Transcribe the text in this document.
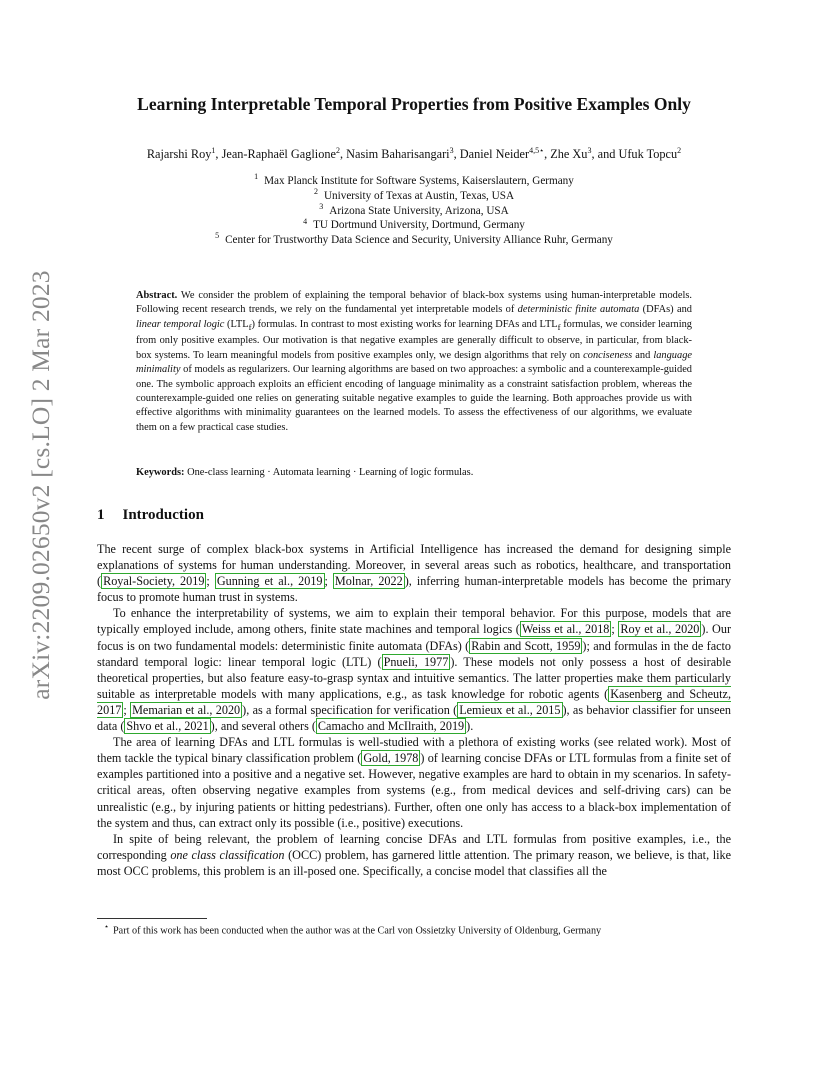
arXiv:2209.02650v2 [cs.LO] 2 Mar 2023
Learning Interpretable Temporal Properties from Positive Examples Only
Rajarshi Roy$^1$, Jean-Raphaël Gaglione$^2$, Nasim Baharisangari$^3$, Daniel Neider$^{4,5⋆}$, Zhe Xu$^3$, and Ufuk Topcu$^2$
$^1$ Max Planck Institute for Software Systems, Kaiserslautern, Germany
$^2$ University of Texas at Austin, Texas, USA
$^3$ Arizona State University, Arizona, USA
$^4$ TU Dortmund University, Dortmund, Germany
$^5$ Center for Trustworthy Data Science and Security, University Alliance Ruhr, Germany
Abstract. We consider the problem of explaining the temporal behavior of black-box systems using human-interpretable models. Following recent research trends, we rely on the fundamental yet interpretable models of deterministic finite automata (DFAs) and linear temporal logic $(LTL_f)$ formulas. In contrast to most existing works for learning DFAs and $LTL_f$ formulas, we consider learning from only positive examples. Our motivation is that negative examples are generally difficult to observe, in particular, from black-box systems. To learn meaningful models from positive examples only, we design algorithms that rely on conciseness and language minimality of models as regularizers. Our learning algorithms are based on two approaches: a symbolic and a counterexample-guided one. The symbolic approach exploits an efficient encoding of language minimality as a constraint satisfaction problem, whereas the counterexample-guided one relies on generating suitable negative examples to guide the learning. Both approaches provide us with effective algorithms with minimality guarantees on the learned models. To assess the effectiveness of our algorithms, we evaluate them on a few practical case studies.
Keywords: One-class learning · Automata learning · Learning of logic formulas.
1 Introduction

The recent surge of complex black-box systems in Artificial Intelligence has increased the demand for designing simple explanations of systems for human understanding. Moreover, in several areas such as robotics, healthcare, and transportation ( Royal-Society, 2019 ; Gunning et al., 2019 ; Molnar, 2022 ), inferring human-interpretable models has become the primary focus to promote human trust in systems.

To enhance the interpretability of systems, we aim to explain their temporal behavior. For this purpose, models that are typically employed include, among others, finite state machines and temporal logics ( Weiss et al., 2018 ; Roy et al., 2020 ). Our focus is on two fundamental models: deterministic finite automata (DFAs) ( Rabin and Scott, 1959 ); and formulas in the de facto standard temporal logic: linear temporal logic (LTL) ( Pnueli, 1977 ). These models not only possess a host of desirable theoretical properties, but also feature easy-to-grasp syntax and intuitive semantics. The latter properties make them particularly suitable as interpretable models with many applications, e.g., as task knowledge for robotic agents ( Kasenberg and Scheutz, 2017 ; Memarian et al., 2020 ), as a formal specification for verification ( Lemieux et al., 2015 ), as behavior classifier for unseen data ( Shvo et al., 2021 ), and several others ( Camacho and McIlraith, 2019 ).

The area of learning DFAs and LTL formulas is well-studied with a plethora of existing works (see related work). Most of them tackle the typical binary classification problem ( Gold, 1978 ) of learning concise DFAs or LTL formulas from a finite set of examples partitioned into a positive and a negative set. However, negative examples are hard to obtain in my scenarios. In safety-critical areas, often observing negative examples from systems (e.g., from medical devices and self-driving cars) can be unrealistic (e.g., by injuring patients or hitting pedestrians). Further, often one only has access to a black-box implementation of the system and thus, can extract only its possible (i.e., positive) executions.

In spite of being relevant, the problem of learning concise DFAs and LTL formulas from positive examples, i.e., the corresponding one class classification (OCC) problem, has garnered little attention. The primary reason, we believe, is that, like most OCC problems, this problem is an ill-posed one. Specifically, a concise model that classifies all the

⋆ Part of this work has been conducted when the author was at the Carl von Ossietzky University of Oldenburg, Germany
